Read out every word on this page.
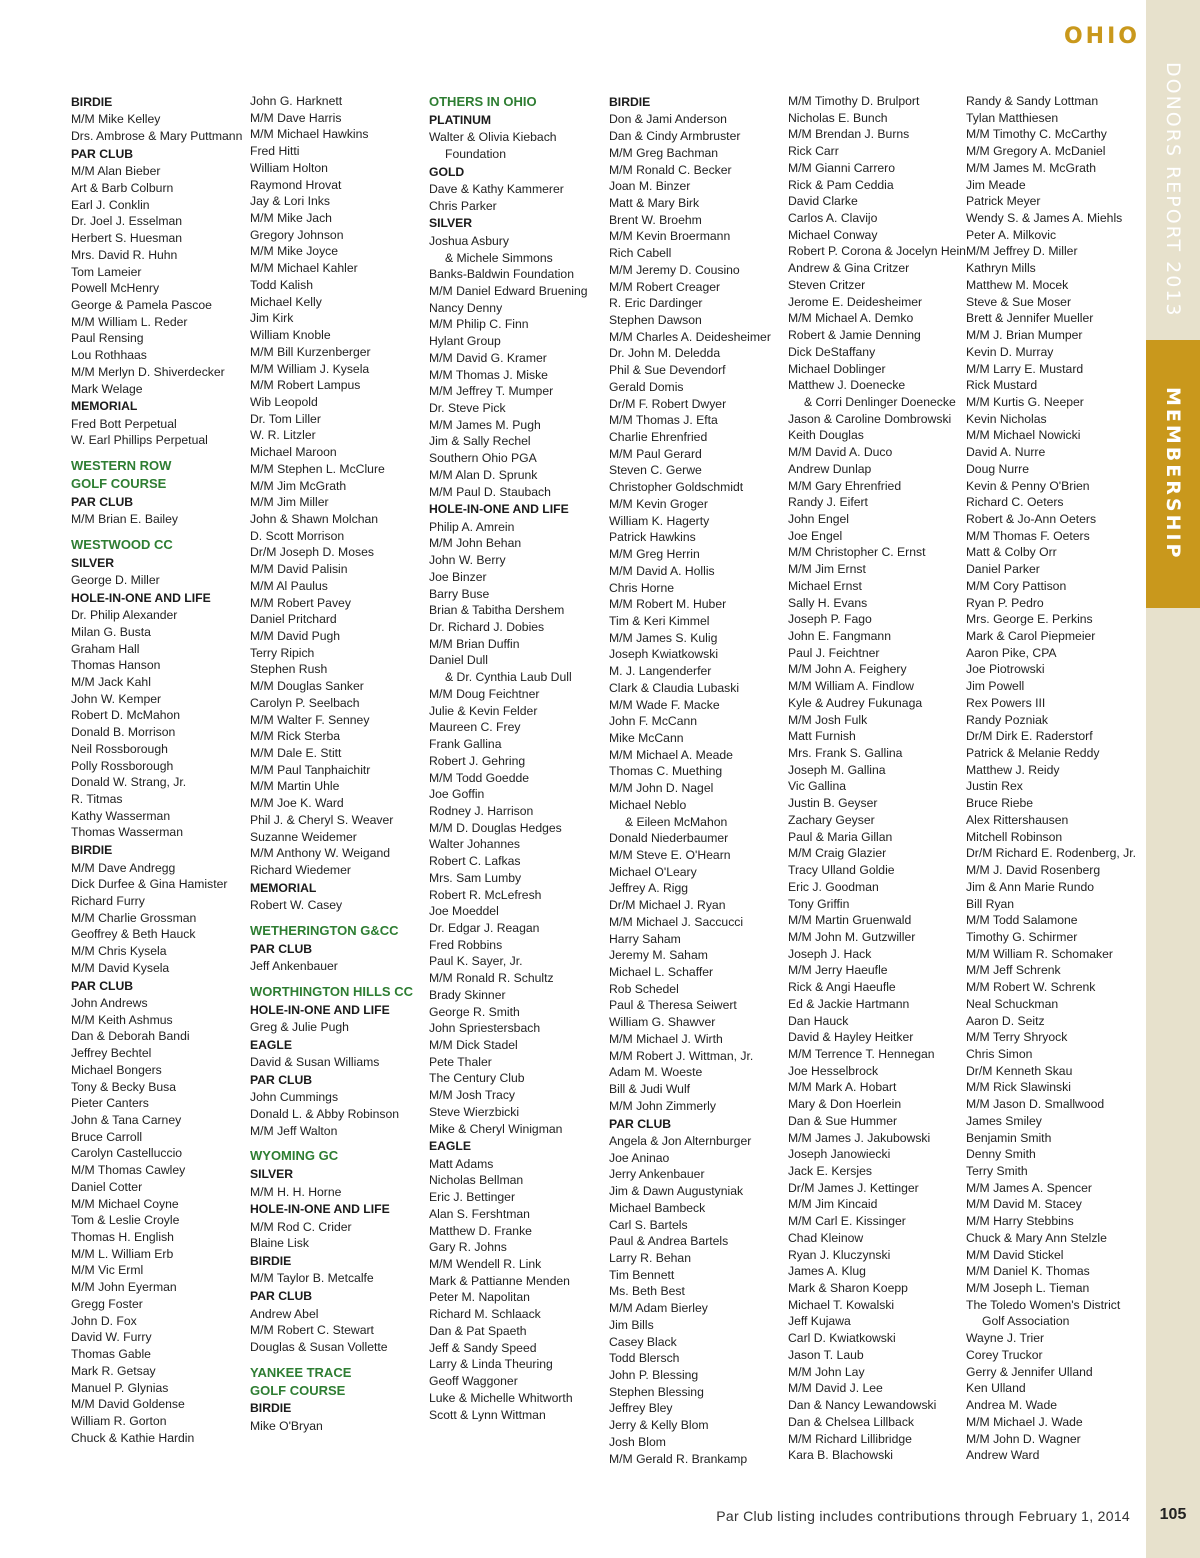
OHIO
DONORS REPORT 2013
MEMBERSHIP
BIRDIE
M/M Mike Kelley
Drs. Ambrose & Mary Puttmann
PAR CLUB
M/M Alan Bieber
Art & Barb Colburn
Earl J. Conklin
Dr. Joel J. Esselman
Herbert S. Huesman
Mrs. David R. Huhn
Tom Lameier
Powell McHenry
George & Pamela Pascoe
M/M William L. Reder
Paul Rensing
Lou Rothhaas
M/M Merlyn D. Shiverdecker
Mark Welage
MEMORIAL
Fred Bott Perpetual
W. Earl Phillips Perpetual
WESTERN ROW
GOLF COURSE
PAR CLUB
M/M Brian E. Bailey
WESTWOOD CC
SILVER
George D. Miller
HOLE-IN-ONE AND LIFE
Dr. Philip Alexander
Milan G. Busta
Graham Hall
Thomas Hanson
M/M Jack Kahl
John W. Kemper
Robert D. McMahon
Donald B. Morrison
Neil Rossborough
Polly Rossborough
Donald W. Strang, Jr.
R. Titmas
Kathy Wasserman
Thomas Wasserman
BIRDIE
M/M Dave Andregg
Dick Durfee & Gina Hamister
Richard Furry
M/M Charlie Grossman
Geoffrey & Beth Hauck
M/M Chris Kysela
M/M David Kysela
PAR CLUB
John Andrews
M/M Keith Ashmus
Dan & Deborah Bandi
Jeffrey Bechtel
Michael Bongers
Tony & Becky Busa
Pieter Canters
John & Tana Carney
Bruce Carroll
Carolyn Castelluccio
M/M Thomas Cawley
Daniel Cotter
M/M Michael Coyne
Tom & Leslie Croyle
Thomas H. English
M/M L. William Erb
M/M Vic Erml
M/M John Eyerman
Gregg Foster
John D. Fox
David W. Furry
Thomas Gable
Mark R. Getsay
Manuel P. Glynias
M/M David Goldense
William R. Gorton
Chuck & Kathie Hardin
John G. Harknett
M/M Dave Harris
M/M Michael Hawkins
Fred Hitti
William Holton
Raymond Hrovat
Jay & Lori Inks
M/M Mike Jach
Gregory Johnson
M/M Mike Joyce
M/M Michael Kahler
Todd Kalish
Michael Kelly
Jim Kirk
William Knoble
M/M Bill Kurzenberger
M/M William J. Kysela
M/M Robert Lampus
Wib Leopold
Dr. Tom Liller
W. R. Litzler
Michael Maroon
M/M Stephen L. McClure
M/M Jim McGrath
M/M Jim Miller
John & Shawn Molchan
D. Scott Morrison
Dr/M Joseph D. Moses
M/M David Palisin
M/M Al Paulus
M/M Robert Pavey
Daniel Pritchard
M/M David Pugh
Terry Ripich
Stephen Rush
M/M Douglas Sanker
Carolyn P. Seelbach
M/M Walter F. Senney
M/M Rick Sterba
M/M Dale E. Stitt
M/M Paul Tanphaichitr
M/M Martin Uhle
M/M Joe K. Ward
Phil J. & Cheryl S. Weaver
Suzanne Weidemer
M/M Anthony W. Weigand
Richard Wiedemer
MEMORIAL
Robert W. Casey
WETHERINGTON G&CC
PAR CLUB
Jeff Ankenbauer
WORTHINGTON HILLS CC
HOLE-IN-ONE AND LIFE
Greg & Julie Pugh
EAGLE
David & Susan Williams
PAR CLUB
John Cummings
Donald L. & Abby Robinson
M/M Jeff Walton
WYOMING GC
SILVER
M/M H. H. Horne
HOLE-IN-ONE AND LIFE
M/M Rod C. Crider
Blaine Lisk
BIRDIE
M/M Taylor B. Metcalfe
PAR CLUB
Andrew Abel
M/M Robert C. Stewart
Douglas & Susan Vollette
YANKEE TRACE
GOLF COURSE
BIRDIE
Mike O'Bryan
OTHERS IN OHIO
PLATINUM
Walter & Olivia Kiebach
Foundation
GOLD
Dave & Kathy Kammerer
Chris Parker
SILVER
Joshua Asbury
& Michele Simmons
Banks-Baldwin Foundation
M/M Daniel Edward Bruening
Nancy Denny
M/M Philip C. Finn
Hylant Group
M/M David G. Kramer
M/M Thomas J. Miske
M/M Jeffrey T. Mumper
Dr. Steve Pick
M/M James M. Pugh
Jim & Sally Rechel
Southern Ohio PGA
M/M Alan D. Sprunk
M/M Paul D. Staubach
HOLE-IN-ONE AND LIFE
Philip A. Amrein
M/M John Behan
John W. Berry
Joe Binzer
Barry Buse
Brian & Tabitha Dershem
Dr. Richard J. Dobies
M/M Brian Duffin
Daniel Dull
& Dr. Cynthia Laub Dull
M/M Doug Feichtner
Julie & Kevin Felder
Maureen C. Frey
Frank Gallina
Robert J. Gehring
M/M Todd Goedde
Joe Goffin
Rodney J. Harrison
M/M D. Douglas Hedges
Walter Johannes
Robert C. Lafkas
Mrs. Sam Lumby
Robert R. McLefresh
Joe Moeddel
Dr. Edgar J. Reagan
Fred Robbins
Paul K. Sayer, Jr.
M/M Ronald R. Schultz
Brady Skinner
George R. Smith
John Spriestersbach
M/M Dick Stadel
Pete Thaler
The Century Club
M/M Josh Tracy
Steve Wierzbicki
Mike & Cheryl Winigman
EAGLE
Matt Adams
Nicholas Bellman
Eric J. Bettinger
Alan S. Fershtman
Matthew D. Franke
Gary R. Johns
M/M Wendell R. Link
Mark & Pattianne Menden
Peter M. Napolitan
Richard M. Schlaack
Dan & Pat Spaeth
Jeff & Sandy Speed
Larry & Linda Theuring
Geoff Waggoner
Luke & Michelle Whitworth
Scott & Lynn Wittman
BIRDIE
Don & Jami Anderson
Dan & Cindy Armbruster
M/M Greg Bachman
M/M Ronald C. Becker
Joan M. Binzer
Matt & Mary Birk
Brent W. Broehm
M/M Kevin Broermann
Rich Cabell
M/M Jeremy D. Cousino
M/M Robert Creager
R. Eric Dardinger
Stephen Dawson
M/M Charles A. Deidesheimer
Dr. John M. Deledda
Phil & Sue Devendorf
Gerald Domis
Dr/M F. Robert Dwyer
M/M Thomas J. Efta
Charlie Ehrenfried
M/M Paul Gerard
Steven C. Gerwe
Christopher Goldschmidt
M/M Kevin Groger
William K. Hagerty
Patrick Hawkins
M/M Greg Herrin
M/M David A. Hollis
Chris Horne
M/M Robert M. Huber
Tim & Keri Kimmel
M/M James S. Kulig
Joseph Kwiatkowski
M. J. Langenderfer
Clark & Claudia Lubaski
M/M Wade F. Macke
John F. McCann
Mike McCann
M/M Michael A. Meade
Thomas C. Muething
M/M John D. Nagel
Michael Neblo
& Eileen McMahon
Donald Niederbaumer
M/M Steve E. O'Hearn
Michael O'Leary
Jeffrey A. Rigg
Dr/M Michael J. Ryan
M/M Michael J. Saccucci
Harry Saham
Jeremy M. Saham
Michael L. Schaffer
Rob Schedel
Paul & Theresa Seiwert
William G. Shawver
M/M Michael J. Wirth
M/M Robert J. Wittman, Jr.
Adam M. Woeste
Bill & Judi Wulf
M/M John Zimmerly
PAR CLUB
Angela & Jon Alternburger
Joe Aninao
Jerry Ankenbauer
Jim & Dawn Augustyniak
Michael Bambeck
Carl S. Bartels
Paul & Andrea Bartels
Larry R. Behan
Tim Bennett
Ms. Beth Best
M/M Adam Bierley
Jim Bills
Casey Black
Todd Blersch
John P. Blessing
Stephen Blessing
Jeffrey Bley
Jerry & Kelly Blom
Josh Blom
M/M Gerald R. Brankamp
M/M Timothy D. Brulport
Nicholas E. Bunch
M/M Brendan J. Burns
Rick Carr
M/M Gianni Carrero
Rick & Pam Ceddia
David Clarke
Carlos A. Clavijo
Michael Conway
Robert P. Corona & Jocelyn Hein
Andrew & Gina Critzer
Steven Critzer
Jerome E. Deidesheimer
M/M Michael A. Demko
Robert & Jamie Denning
Dick DeStaffany
Michael Doblinger
Matthew J. Doenecke
& Corri Denlinger Doenecke
Jason & Caroline Dombrowski
Keith Douglas
M/M David A. Duco
Andrew Dunlap
M/M Gary Ehrenfried
Randy J. Eifert
John Engel
Joe Engel
M/M Christopher C. Ernst
M/M Jim Ernst
Michael Ernst
Sally H. Evans
Joseph P. Fago
John E. Fangmann
Paul J. Feichtner
M/M John A. Feighery
M/M William A. Findlow
Kyle & Audrey Fukunaga
M/M Josh Fulk
Matt Furnish
Mrs. Frank S. Gallina
Joseph M. Gallina
Vic Gallina
Justin B. Geyser
Zachary Geyser
Paul & Maria Gillan
M/M Craig Glazier
Tracy Ulland Goldie
Eric J. Goodman
Tony Griffin
M/M Martin Gruenwald
M/M John M. Gutzwiller
Joseph J. Hack
M/M Jerry Haeufle
Rick & Angi Haeufle
Ed & Jackie Hartmann
Dan Hauck
David & Hayley Heitker
M/M Terrence T. Hennegan
Joe Hesselbrock
M/M Mark A. Hobart
Mary & Don Hoerlein
Dan & Sue Hummer
M/M James J. Jakubowski
Joseph Janowiecki
Jack E. Kersjes
Dr/M James J. Kettinger
M/M Jim Kincaid
M/M Carl E. Kissinger
Chad Kleinow
Ryan J. Kluczynski
James A. Klug
Mark & Sharon Koepp
Michael T. Kowalski
Jeff Kujawa
Carl D. Kwiatkowski
Jason T. Laub
M/M John Lay
M/M David J. Lee
Dan & Nancy Lewandowski
Dan & Chelsea Lillback
M/M Richard Lillibridge
Kara B. Blachowski
Randy & Sandy Lottman
Tylan Matthiesen
M/M Timothy C. McCarthy
M/M Gregory A. McDaniel
M/M James M. McGrath
Jim Meade
Patrick Meyer
Wendy S. & James A. Miehls
Peter A. Milkovic
M/M Jeffrey D. Miller
Kathryn Mills
Matthew M. Mocek
Steve & Sue Moser
Brett & Jennifer Mueller
M/M J. Brian Mumper
Kevin D. Murray
M/M Larry E. Mustard
Rick Mustard
M/M Kurtis G. Neeper
Kevin Nicholas
M/M Michael Nowicki
David A. Nurre
Doug Nurre
Kevin & Penny O'Brien
Richard C. Oeters
Robert & Jo-Ann Oeters
M/M Thomas F. Oeters
Matt & Colby Orr
Daniel Parker
M/M Cory Pattison
Ryan P. Pedro
Mrs. George E. Perkins
Mark & Carol Piepmeier
Aaron Pike, CPA
Joe Piotrowski
Jim Powell
Rex Powers III
Randy Pozniak
Dr/M Dirk E. Raderstorf
Patrick & Melanie Reddy
Matthew J. Reidy
Justin Rex
Bruce Riebe
Alex Rittershausen
Mitchell Robinson
Dr/M Richard E. Rodenberg, Jr.
M/M J. David Rosenberg
Jim & Ann Marie Rundo
Bill Ryan
M/M Todd Salamone
Timothy G. Schirmer
M/M William R. Schomaker
M/M Jeff Schrenk
M/M Robert W. Schrenk
Neal Schuckman
Aaron D. Seitz
M/M Terry Shryock
Chris Simon
Dr/M Kenneth Skau
M/M Rick Slawinski
M/M Jason D. Smallwood
James Smiley
Benjamin Smith
Denny Smith
Terry Smith
M/M James A. Spencer
M/M David M. Stacey
M/M Harry Stebbins
Chuck & Mary Ann Stelzle
M/M David Stickel
M/M Daniel K. Thomas
M/M Joseph L. Tieman
The Toledo Women's District
Golf Association
Wayne J. Trier
Corey Truckor
Gerry & Jennifer Ulland
Ken Ulland
Andrea M. Wade
M/M Michael J. Wade
M/M John D. Wagner
Andrew Ward
Par Club listing includes contributions through February 1, 2014	105
